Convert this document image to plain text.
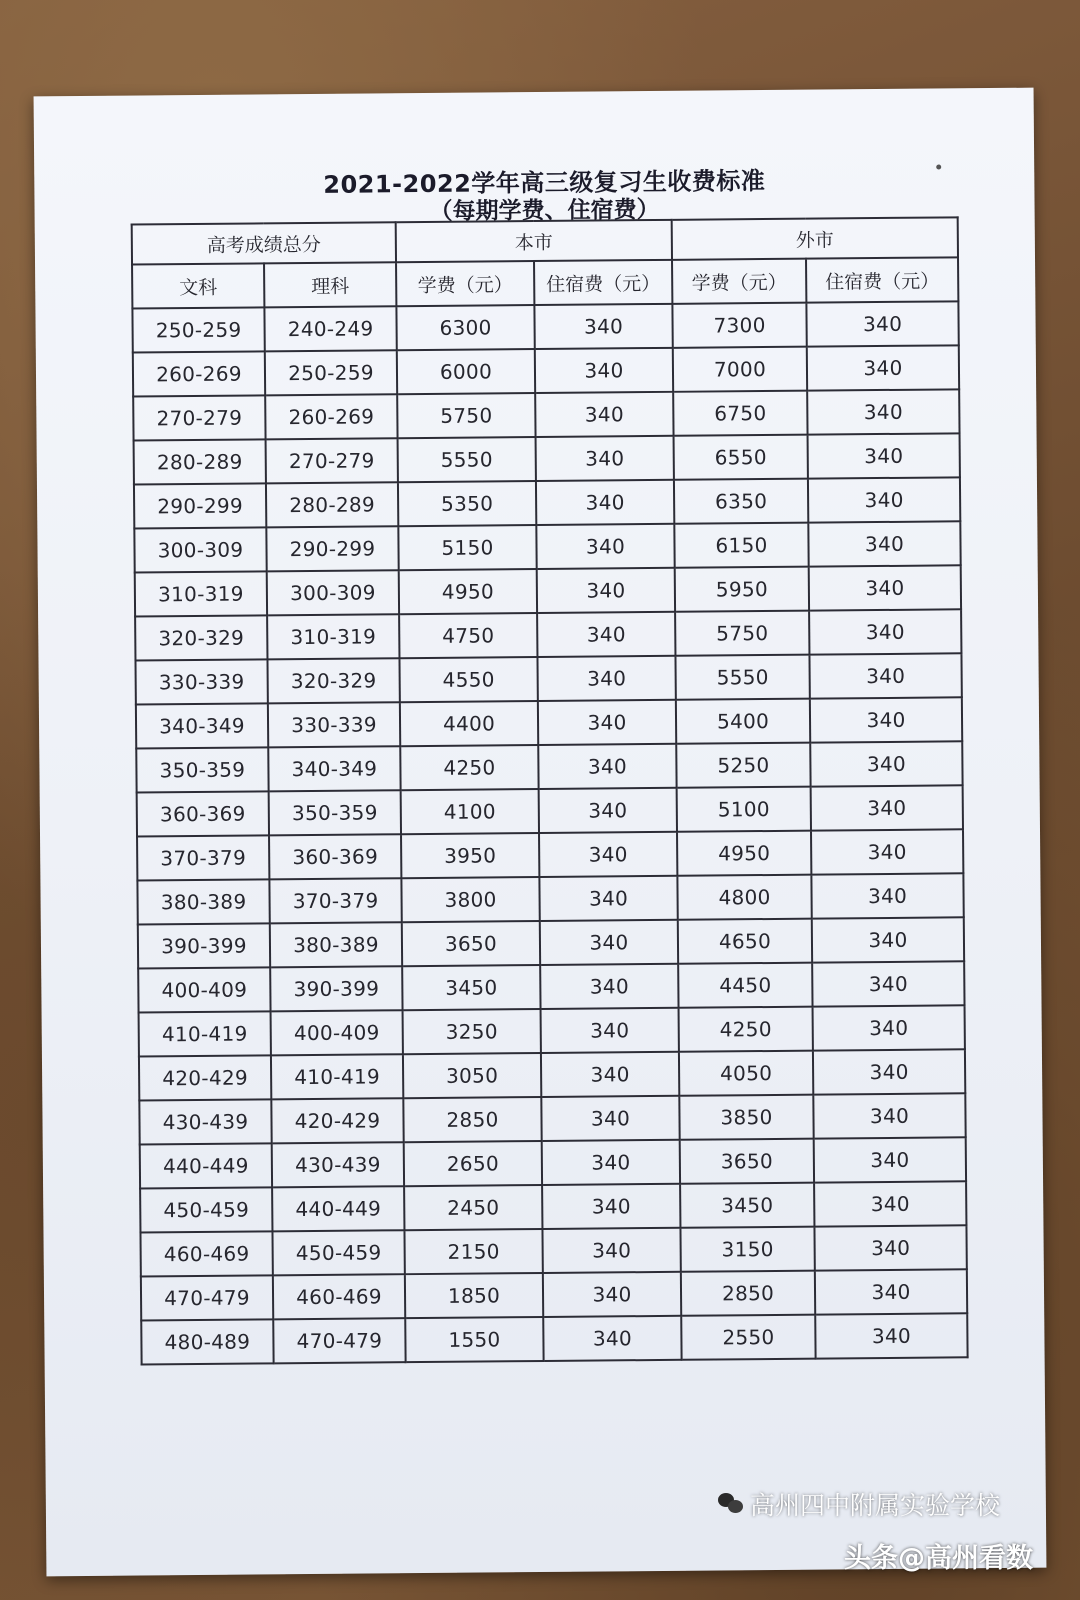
2021-2022学年高三级复习生收费标准
（每期学费、住宿费）
高考成绩总分		本市		外市	
文科	理科	学费（元）	住宿费（元）	学费（元）	住宿费（元）
250-259	240-249	6300	340	7300	340
260-269	250-259	6000	340	7000	340
270-279	260-269	5750	340	6750	340
280-289	270-279	5550	340	6550	340
290-299	280-289	5350	340	6350	340
300-309	290-299	5150	340	6150	340
310-319	300-309	4950	340	5950	340
320-329	310-319	4750	340	5750	340
330-339	320-329	4550	340	5550	340
340-349	330-339	4400	340	5400	340
350-359	340-349	4250	340	5250	340
360-369	350-359	4100	340	5100	340
370-379	360-369	3950	340	4950	340
380-389	370-379	3800	340	4800	340
390-399	380-389	3650	340	4650	340
400-409	390-399	3450	340	4450	340
410-419	400-409	3250	340	4250	340
420-429	410-419	3050	340	4050	340
430-439	420-429	2850	340	3850	340
440-449	430-439	2650	340	3650	340
450-459	440-449	2450	340	3450	340
460-469	450-459	2150	340	3150	340
470-479	460-469	1850	340	2850	340
480-489	470-479	1550	340	2550	340
高州四中附属实验学校
头条@高州看数
